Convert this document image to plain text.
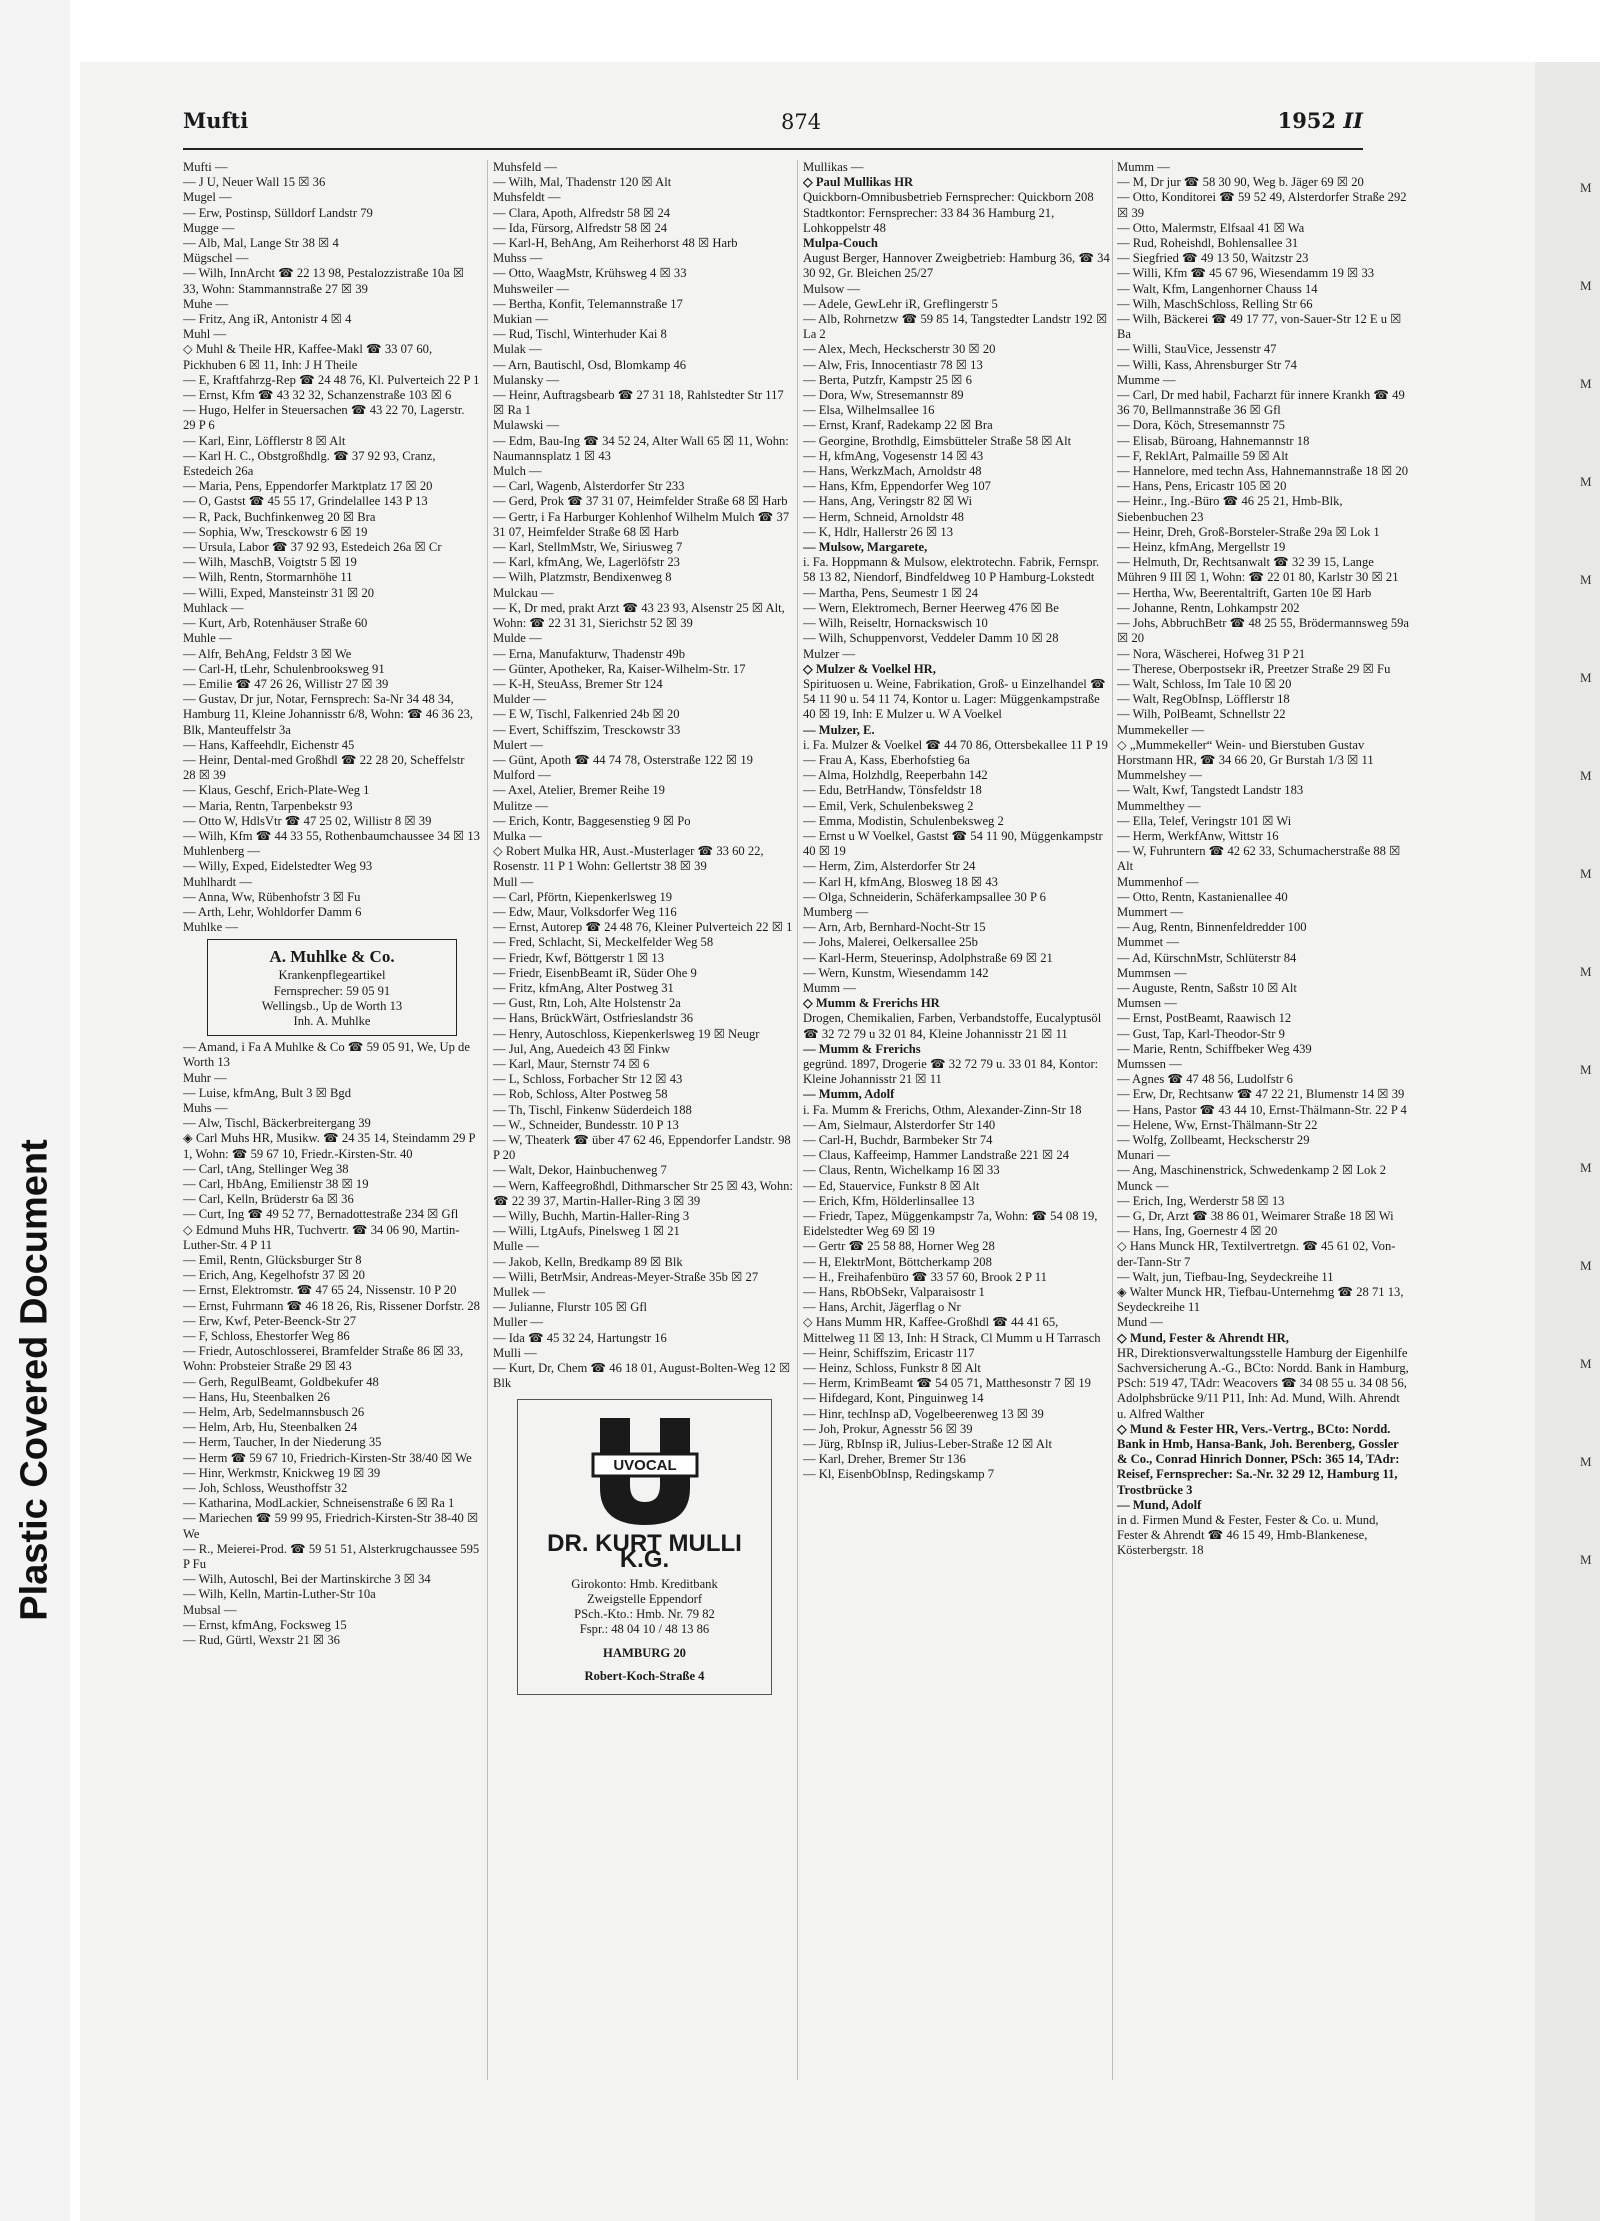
Plastic Covered Document
M
M
M
M
M
M
M
M
M
M
M
M
M
M
M
Mufti	874	1952 II

Mufti —

— J U, Neuer Wall 15 ☒ 36

Mugel —

— Erw, Postinsp, Sülldorf Landstr 79

Mugge —

— Alb, Mal, Lange Str 38 ☒ 4

Mügschel —

— Wilh, InnArcht ☎ 22 13 98, Pestalozzistraße 10a ☒ 33, Wohn: Stammannstraße 27 ☒ 39

Muhe —

— Fritz, Ang iR, Antonistr 4 ☒ 4

Muhl —

◇ Muhl & Theile HR, Kaffee-Makl ☎ 33 07 60, Pickhuben 6 ☒ 11, Inh: J H Theile

— E, Kraftfahrzg-Rep ☎ 24 48 76, Kl. Pulverteich 22 P 1

— Ernst, Kfm ☎ 43 32 32, Schanzenstraße 103 ☒ 6

— Hugo, Helfer in Steuersachen ☎ 43 22 70, Lagerstr. 29 P 6

— Karl, Einr, Löfflerstr 8 ☒ Alt

— Karl H. C., Obstgroßhdlg. ☎ 37 92 93, Cranz, Estedeich 26a

— Maria, Pens, Eppendorfer Marktplatz 17 ☒ 20

— O, Gastst ☎ 45 55 17, Grindelallee 143 P 13

— R, Pack, Buchfinkenweg 20 ☒ Bra

— Sophia, Ww, Tresckowstr 6 ☒ 19

— Ursula, Labor ☎ 37 92 93, Estedeich 26a ☒ Cr

— Wilh, MaschB, Voigtstr 5 ☒ 19

— Wilh, Rentn, Stormarnhöhe 11

— Willi, Exped, Mansteinstr 31 ☒ 20

Muhlack —

— Kurt, Arb, Rotenhäuser Straße 60

Muhle —

— Alfr, BehAng, Feldstr 3 ☒ We

— Carl-H, tLehr, Schulenbrooksweg 91

— Emilie ☎ 47 26 26, Willistr 27 ☒ 39

— Gustav, Dr jur, Notar, Fernsprech: Sa-Nr 34 48 34, Hamburg 11, Kleine Johannisstr 6/8, Wohn: ☎ 46 36 23, Blk, Manteuffelstr 3a

— Hans, Kaffeehdlr, Eichenstr 45

— Heinr, Dental-med Großhdl ☎ 22 28 20, Scheffelstr 28 ☒ 39

— Klaus, Geschf, Erich-Plate-Weg 1

— Maria, Rentn, Tarpenbekstr 93

— Otto W, HdlsVtr ☎ 47 25 02, Willistr 8 ☒ 39

— Wilh, Kfm ☎ 44 33 55, Rothenbaumchaussee 34 ☒ 13

Muhlenberg —

— Willy, Exped, Eidelstedter Weg 93

Muhlhardt —

— Anna, Ww, Rübenhofstr 3 ☒ Fu

— Arth, Lehr, Wohldorfer Damm 6

Muhlke —

A. Muhlke & Co.
Krankenpflegeartikel
Fernsprecher: 59 05 91
Wellingsb., Up de Worth 13
Inh. A. Muhlke

— Amand, i Fa A Muhlke & Co ☎ 59 05 91, We, Up de Worth 13

Muhr —

— Luise, kfmAng, Bult 3 ☒ Bgd

Muhs —

— Alw, Tischl, Bäckerbreitergang 39

◈ Carl Muhs HR, Musikw. ☎ 24 35 14, Steindamm 29 P 1, Wohn: ☎ 59 67 10, Friedr.-Kirsten-Str. 40

— Carl, tAng, Stellinger Weg 38

— Carl, HbAng, Emilienstr 38 ☒ 19

— Carl, Kelln, Brüderstr 6a ☒ 36

— Curt, Ing ☎ 49 52 77, Bernadottestraße 234 ☒ Gfl

◇ Edmund Muhs HR, Tuchvertr. ☎ 34 06 90, Martin-Luther-Str. 4 P 11

— Emil, Rentn, Glücksburger Str 8

— Erich, Ang, Kegelhofstr 37 ☒ 20

— Ernst, Elektromstr. ☎ 47 65 24, Nissenstr. 10 P 20

— Ernst, Fuhrmann ☎ 46 18 26, Ris, Rissener Dorfstr. 28

— Erw, Kwf, Peter-Beenck-Str 27

— F, Schloss, Ehestorfer Weg 86

— Friedr, Autoschlosserei, Bramfelder Straße 86 ☒ 33, Wohn: Probsteier Straße 29 ☒ 43

— Gerh, RegulBeamt, Goldbekufer 48

— Hans, Hu, Steenbalken 26

— Helm, Arb, Sedelmannsbusch 26

— Helm, Arb, Hu, Steenbalken 24

— Herm, Taucher, In der Niederung 35

— Herm ☎ 59 67 10, Friedrich-Kirsten-Str 38/40 ☒ We

— Hinr, Werkmstr, Knickweg 19 ☒ 39

— Joh, Schloss, Weusthoffstr 32

— Katharina, ModLackier, Schneisenstraße 6 ☒ Ra 1

— Mariechen ☎ 59 99 95, Friedrich-Kirsten-Str 38-40 ☒ We

— R., Meierei-Prod. ☎ 59 51 51, Alsterkrugchaussee 595 P Fu

— Wilh, Autoschl, Bei der Martinskirche 3 ☒ 34

— Wilh, Kelln, Martin-Luther-Str 10a

Mubsal —

— Ernst, kfmAng, Focksweg 15

— Rud, Gürtl, Wexstr 21 ☒ 36

Muhsfeld —

— Wilh, Mal, Thadenstr 120 ☒ Alt

Muhsfeldt —

— Clara, Apoth, Alfredstr 58 ☒ 24

— Ida, Fürsorg, Alfredstr 58 ☒ 24

— Karl-H, BehAng, Am Reiherhorst 48 ☒ Harb

Muhss —

— Otto, WaagMstr, Krühsweg 4 ☒ 33

Muhsweiler —

— Bertha, Konfit, Telemannstraße 17

Mukian —

— Rud, Tischl, Winterhuder Kai 8

Mulak —

— Arn, Bautischl, Osd, Blomkamp 46

Mulansky —

— Heinr, Auftragsbearb ☎ 27 31 18, Rahlstedter Str 117 ☒ Ra 1

Mulawski —

— Edm, Bau-Ing ☎ 34 52 24, Alter Wall 65 ☒ 11, Wohn: Naumannsplatz 1 ☒ 43

Mulch —

— Carl, Wagenb, Alsterdorfer Str 233

— Gerd, Prok ☎ 37 31 07, Heimfelder Straße 68 ☒ Harb

— Gertr, i Fa Harburger Kohlenhof Wilhelm Mulch ☎ 37 31 07, Heimfelder Straße 68 ☒ Harb

— Karl, StellmMstr, We, Siriusweg 7

— Karl, kfmAng, We, Lagerlöfstr 23

— Wilh, Platzmstr, Bendixenweg 8

Mulckau —

— K, Dr med, prakt Arzt ☎ 43 23 93, Alsenstr 25 ☒ Alt, Wohn: ☎ 22 31 31, Sierichstr 52 ☒ 39

Mulde —

— Erna, Manufakturw, Thadenstr 49b

— Günter, Apotheker, Ra, Kaiser-Wilhelm-Str. 17

— K-H, SteuAss, Bremer Str 124

Mulder —

— E W, Tischl, Falkenried 24b ☒ 20

— Evert, Schiffszim, Tresckowstr 33

Mulert —

— Günt, Apoth ☎ 44 74 78, Osterstraße 122 ☒ 19

Mulford —

— Axel, Atelier, Bremer Reihe 19

Mulitze —

— Erich, Kontr, Baggesenstieg 9 ☒ Po

Mulka —

◇ Robert Mulka HR, Aust.-Musterlager ☎ 33 60 22, Rosenstr. 11 P 1 Wohn: Gellertstr 38 ☒ 39

Mull —

— Carl, Pförtn, Kiepenkerlsweg 19

— Edw, Maur, Volksdorfer Weg 116

— Ernst, Autorep ☎ 24 48 76, Kleiner Pulverteich 22 ☒ 1

— Fred, Schlacht, Si, Meckelfelder Weg 58

— Friedr, Kwf, Böttgerstr 1 ☒ 13

— Friedr, EisenbBeamt iR, Süder Ohe 9

— Fritz, kfmAng, Alter Postweg 31

— Gust, Rtn, Loh, Alte Holstenstr 2a

— Hans, BrückWärt, Ostfrieslandstr 36

— Henry, Autoschloss, Kiepenkerlsweg 19 ☒ Neugr

— Jul, Ang, Auedeich 43 ☒ Finkw

— Karl, Maur, Sternstr 74 ☒ 6

— L, Schloss, Forbacher Str 12 ☒ 43

— Rob, Schloss, Alter Postweg 58

— Th, Tischl, Finkenw Süderdeich 188

— W., Schneider, Bundesstr. 10 P 13

— W, Theaterk ☎ über 47 62 46, Eppendorfer Landstr. 98 P 20

— Walt, Dekor, Hainbuchenweg 7

— Wern, Kaffeegroßhdl, Dithmarscher Str 25 ☒ 43, Wohn: ☎ 22 39 37, Martin-Haller-Ring 3 ☒ 39

— Willy, Buchh, Martin-Haller-Ring 3

— Willi, LtgAufs, Pinelsweg 1 ☒ 21

Mulle —

— Jakob, Kelln, Bredkamp 89 ☒ Blk

— Willi, BetrMsir, Andreas-Meyer-Straße 35b ☒ 27

Mullek —

— Julianne, Flurstr 105 ☒ Gfl

Muller —

— Ida ☎ 45 32 24, Hartungstr 16

Mulli —

— Kurt, Dr, Chem ☎ 46 18 01, August-Bolten-Weg 12 ☒ Blk

UVOCAL
DR. KURT MULLI K.G.
Girokonto: Hmb. Kreditbank
Zweigstelle Eppendorf
PSch.-Kto.: Hmb. Nr. 79 82
Fspr.: 48 04 10 / 48 13 86
HAMBURG 20
Robert-Koch-Straße 4

Mullikas —

◇ Paul Mullikas HR

Quickborn-Omnibusbetrieb Fernsprecher: Quickborn 208 Stadtkontor: Fernsprecher: 33 84 36 Hamburg 21, Lohkoppelstr 48

Mulpa-Couch

August Berger, Hannover Zweigbetrieb: Hamburg 36, ☎ 34 30 92, Gr. Bleichen 25/27

Mulsow —

— Adele, GewLehr iR, Greflingerstr 5

— Alb, Rohrnetzw ☎ 59 85 14, Tangstedter Landstr 192 ☒ La 2

— Alex, Mech, Heckscherstr 30 ☒ 20

— Alw, Fris, Innocentiastr 78 ☒ 13

— Berta, Putzfr, Kampstr 25 ☒ 6

— Dora, Ww, Stresemannstr 89

— Elsa, Wilhelmsallee 16

— Ernst, Kranf, Radekamp 22 ☒ Bra

— Georgine, Brothdlg, Eimsbütteler Straße 58 ☒ Alt

— H, kfmAng, Vogesenstr 14 ☒ 43

— Hans, WerkzMach, Arnoldstr 48

— Hans, Kfm, Eppendorfer Weg 107

— Hans, Ang, Veringstr 82 ☒ Wi

— Herm, Schneid, Arnoldstr 48

— K, Hdlr, Hallerstr 26 ☒ 13

— Mulsow, Margarete,

i. Fa. Hoppmann & Mulsow, elektrotechn. Fabrik, Fernspr. 58 13 82, Niendorf, Bindfeldweg 10 P Hamburg-Lokstedt

— Martha, Pens, Seumestr 1 ☒ 24

— Wern, Elektromech, Berner Heerweg 476 ☒ Be

— Wilh, Reiseltr, Hornackswisch 10

— Wilh, Schuppenvorst, Veddeler Damm 10 ☒ 28

Mulzer —

◇ Mulzer & Voelkel HR,

Spirituosen u. Weine, Fabrikation, Groß- u Einzelhandel ☎ 54 11 90 u. 54 11 74, Kontor u. Lager: Müggenkampstraße 40 ☒ 19, Inh: E Mulzer u. W A Voelkel

— Mulzer, E.

i. Fa. Mulzer & Voelkel ☎ 44 70 86, Ottersbekallee 11 P 19

— Frau A, Kass, Eberhofstieg 6a

— Alma, Holzhdlg, Reeperbahn 142

— Edu, BetrHandw, Tönsfeldstr 18

— Emil, Verk, Schulenbeksweg 2

— Emma, Modistin, Schulenbeksweg 2

— Ernst u W Voelkel, Gastst ☎ 54 11 90, Müggenkampstr 40 ☒ 19

— Herm, Zim, Alsterdorfer Str 24

— Karl H, kfmAng, Blosweg 18 ☒ 43

— Olga, Schneiderin, Schäferkampsallee 30 P 6

Mumberg —

— Arn, Arb, Bernhard-Nocht-Str 15

— Johs, Malerei, Oelkersallee 25b

— Karl-Herm, Steuerinsp, Adolphstraße 69 ☒ 21

— Wern, Kunstm, Wiesendamm 142

Mumm —

◇ Mumm & Frerichs HR

Drogen, Chemikalien, Farben, Verbandstoffe, Eucalyptusöl ☎ 32 72 79 u 32 01 84, Kleine Johannisstr 21 ☒ 11

— Mumm & Frerichs

gegründ. 1897, Drogerie ☎ 32 72 79 u. 33 01 84, Kontor: Kleine Johannisstr 21 ☒ 11

— Mumm, Adolf

i. Fa. Mumm & Frerichs, Othm, Alexander-Zinn-Str 18

— Am, Sielmaur, Alsterdorfer Str 140

— Carl-H, Buchdr, Barmbeker Str 74

— Claus, Kaffeeimp, Hammer Landstraße 221 ☒ 24

— Claus, Rentn, Wichelkamp 16 ☒ 33

— Ed, Stauervice, Funkstr 8 ☒ Alt

— Erich, Kfm, Hölderlinsallee 13

— Friedr, Tapez, Müggenkampstr 7a, Wohn: ☎ 54 08 19, Eidelstedter Weg 69 ☒ 19

— Gertr ☎ 25 58 88, Horner Weg 28

— H, ElektrMont, Böttcherkamp 208

— H., Freihafenbüro ☎ 33 57 60, Brook 2 P 11

— Hans, RbObSekr, Valparaisostr 1

— Hans, Archit, Jägerflag o Nr

◇ Hans Mumm HR, Kaffee-Großhdl ☎ 44 41 65, Mittelweg 11 ☒ 13, Inh: H Strack, Cl Mumm u H Tarrasch

— Heinr, Schiffszim, Ericastr 117

— Heinz, Schloss, Funkstr 8 ☒ Alt

— Herm, KrimBeamt ☎ 54 05 71, Matthesonstr 7 ☒ 19

— Hifdegard, Kont, Pinguinweg 14

— Hinr, techInsp aD, Vogelbeerenweg 13 ☒ 39

— Joh, Prokur, Agnesstr 56 ☒ 39

— Jürg, RbInsp iR, Julius-Leber-Straße 12 ☒ Alt

— Karl, Dreher, Bremer Str 136

— Kl, EisenbObInsp, Redingskamp 7

Mumm —

— M, Dr jur ☎ 58 30 90, Weg b. Jäger 69 ☒ 20

— Otto, Konditorei ☎ 59 52 49, Alsterdorfer Straße 292 ☒ 39

— Otto, Malermstr, Elfsaal 41 ☒ Wa

— Rud, Roheishdl, Bohlensallee 31

— Siegfried ☎ 49 13 50, Waitzstr 23

— Willi, Kfm ☎ 45 67 96, Wiesendamm 19 ☒ 33

— Walt, Kfm, Langenhorner Chauss 14

— Wilh, MaschSchloss, Relling Str 66

— Wilh, Bäckerei ☎ 49 17 77, von-Sauer-Str 12 E u ☒ Ba

— Willi, StauVice, Jessenstr 47

— Willi, Kass, Ahrensburger Str 74

Mumme —

— Carl, Dr med habil, Facharzt für innere Krankh ☎ 49 36 70, Bellmannstraße 36 ☒ Gfl

— Dora, Köch, Stresemannstr 75

— Elisab, Büroang, Hahnemannstr 18

— F, ReklArt, Palmaille 59 ☒ Alt

— Hannelore, med techn Ass, Hahnemannstraße 18 ☒ 20

— Hans, Pens, Ericastr 105 ☒ 20

— Heinr., Ing.-Büro ☎ 46 25 21, Hmb-Blk, Siebenbuchen 23

— Heinr, Dreh, Groß-Borsteler-Straße 29a ☒ Lok 1

— Heinz, kfmAng, Mergellstr 19

— Helmuth, Dr, Rechtsanwalt ☎ 32 39 15, Lange Mühren 9 III ☒ 1, Wohn: ☎ 22 01 80, Karlstr 30 ☒ 21

— Hertha, Ww, Beerentaltrift, Garten 10e ☒ Harb

— Johanne, Rentn, Lohkampstr 202

— Johs, AbbruchBetr ☎ 48 25 55, Brödermannsweg 59a ☒ 20

— Nora, Wäscherei, Hofweg 31 P 21

— Therese, Oberpostsekr iR, Preetzer Straße 29 ☒ Fu

— Walt, Schloss, Im Tale 10 ☒ 20

— Walt, RegObInsp, Löfflerstr 18

— Wilh, PolBeamt, Schnellstr 22

Mummekeller —

◇ „Mummekeller“ Wein- und Bierstuben Gustav Horstmann HR, ☎ 34 66 20, Gr Burstah 1/3 ☒ 11

Mummelshey —

— Walt, Kwf, Tangstedt Landstr 183

Mummelthey —

— Ella, Telef, Veringstr 101 ☒ Wi

— Herm, WerkfAnw, Wittstr 16

— W, Fuhruntern ☎ 42 62 33, Schumacherstraße 88 ☒ Alt

Mummenhof —

— Otto, Rentn, Kastanienallee 40

Mummert —

— Aug, Rentn, Binnenfeldredder 100

Mummet —

— Ad, KürschnMstr, Schlüterstr 84

Mummsen —

— Auguste, Rentn, Saßstr 10 ☒ Alt

Mumsen —

— Ernst, PostBeamt, Raawisch 12

— Gust, Tap, Karl-Theodor-Str 9

— Marie, Rentn, Schiffbeker Weg 439

Mumssen —

— Agnes ☎ 47 48 56, Ludolfstr 6

— Erw, Dr, Rechtsanw ☎ 47 22 21, Blumenstr 14 ☒ 39

— Hans, Pastor ☎ 43 44 10, Ernst-Thälmann-Str. 22 P 4

— Helene, Ww, Ernst-Thälmann-Str 22

— Wolfg, Zollbeamt, Heckscherstr 29

Munari —

— Ang, Maschinenstrick, Schwedenkamp 2 ☒ Lok 2

Munck —

— Erich, Ing, Werderstr 58 ☒ 13

— G, Dr, Arzt ☎ 38 86 01, Weimarer Straße 18 ☒ Wi

— Hans, Ing, Goernestr 4 ☒ 20

◇ Hans Munck HR, Textilvertretgn. ☎ 45 61 02, Von-der-Tann-Str 7

— Walt, jun, Tiefbau-Ing, Seydeckreihe 11

◈ Walter Munck HR, Tiefbau-Unternehmg ☎ 28 71 13, Seydeckreihe 11

Mund —

◇ Mund, Fester & Ahrendt HR,

HR, Direktionsverwaltungsstelle Hamburg der Eigenhilfe Sachversicherung A.-G., BCto: Nordd. Bank in Hamburg, PSch: 519 47, TAdr: Weacovers ☎ 34 08 55 u. 34 08 56, Adolphsbrücke 9/11 P11, Inh: Ad. Mund, Wilh. Ahrendt u. Alfred Walther

◇ Mund & Fester HR, Vers.-Vertrg., BCto: Nordd. Bank in Hmb, Hansa-Bank, Joh. Berenberg, Gossler & Co., Conrad Hinrich Donner, PSch: 365 14, TAdr: Reisef, Fernsprecher: Sa.-Nr. 32 29 12, Hamburg 11, Trostbrücke 3

— Mund, Adolf

in d. Firmen Mund & Fester, Fester & Co. u. Mund, Fester & Ahrendt ☎ 46 15 49, Hmb-Blankenese, Kösterbergstr. 18
